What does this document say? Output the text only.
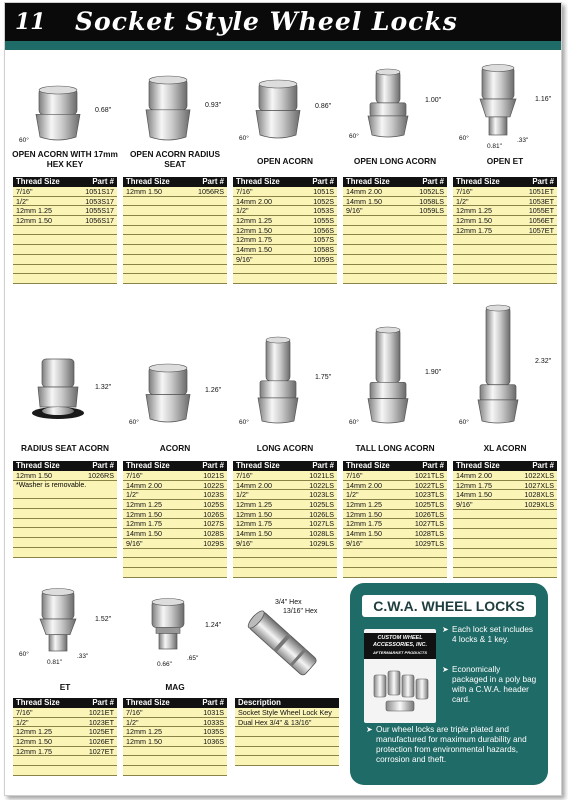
11 Socket Style Wheel Locks
0.68"
60°
OPEN ACORN WITH 17mm HEX KEY
Thread Size	Part #
7/16"	1051S17
1/2"	1053S17
12mm 1.25	1055S17
12mm 1.50	1056S17
0.93"
OPEN ACORN RADIUS SEAT
Thread Size	Part #
12mm 1.50	1056RS
0.86"
60°
OPEN ACORN
Thread Size	Part #
7/16"	1051S
14mm 2.00	1052S
1/2"	1053S
12mm 1.25	1055S
12mm 1.50	1056S
12mm 1.75	1057S
14mm 1.50	1058S
9/16"	1059S
1.00"
60°
OPEN LONG ACORN
Thread Size	Part #
14mm 2.00	1052LS
14mm 1.50	1058LS
9/16"	1059LS
1.16"
60°
0.81"
.33"
OPEN ET
Thread Size	Part #
7/16"	1051ET
1/2"	1053ET
12mm 1.25	1055ET
12mm 1.50	1056ET
12mm 1.75	1057ET
1.32"
RADIUS SEAT ACORN
Thread Size	Part #
12mm 1.50	1026RS
*Washer is removable.
1.26"
60°
ACORN
Thread Size	Part #
7/16"	1021S
14mm 2.00	1022S
1/2"	1023S
12mm 1.25	1025S
12mm 1.50	1026S
12mm 1.75	1027S
14mm 1.50	1028S
9/16"	1029S
1.75"
60°
LONG ACORN
Thread Size	Part #
7/16"	1021LS
14mm 2.00	1022LS
1/2"	1023LS
12mm 1.25	1025LS
12mm 1.50	1026LS
12mm 1.75	1027LS
14mm 1.50	1028LS
9/16"	1029LS
1.90"
60°
TALL LONG ACORN
Thread Size	Part #
7/16"	1021TLS
14mm 2.00	1022TLS
1/2"	1023TLS
12mm 1.25	1025TLS
12mm 1.50	1026TLS
12mm 1.75	1027TLS
14mm 1.50	1028TLS
9/16"	1029TLS
2.32"
60°
XL ACORN
Thread Size	Part #
14mm 2.00	1022XLS
12mm 1.75	1027XLS
14mm 1.50	1028XLS
9/16"	1029XLS
1.52"
60°
0.81"
.33"
ET
Thread Size	Part #
7/16"	1021ET
1/2"	1023ET
12mm 1.25	1025ET
12mm 1.50	1026ET
12mm 1.75	1027ET
1.24"
0.66"
.65"
MAG
Thread Size	Part #
7/16"	1031S
1/2"	1033S
12mm 1.25	1035S
12mm 1.50	1036S
3/4" Hex
13/16" Hex
Description
Socket Style Wheel Lock Key
Dual Hex 3/4" & 13/16"
C.W.A. WHEEL LOCKS
CUSTOM WHEEL
ACCESSORIES, INC.
AFTERMARKET PRODUCTS
➤ Each lock set includes 4 locks & 1 key.
➤ Economically packaged in a poly bag with a C.W.A. header card.
➤ Our wheel locks are triple plated and manufactured for maximum durability and protection from environmental hazards, corrosion and theft.
